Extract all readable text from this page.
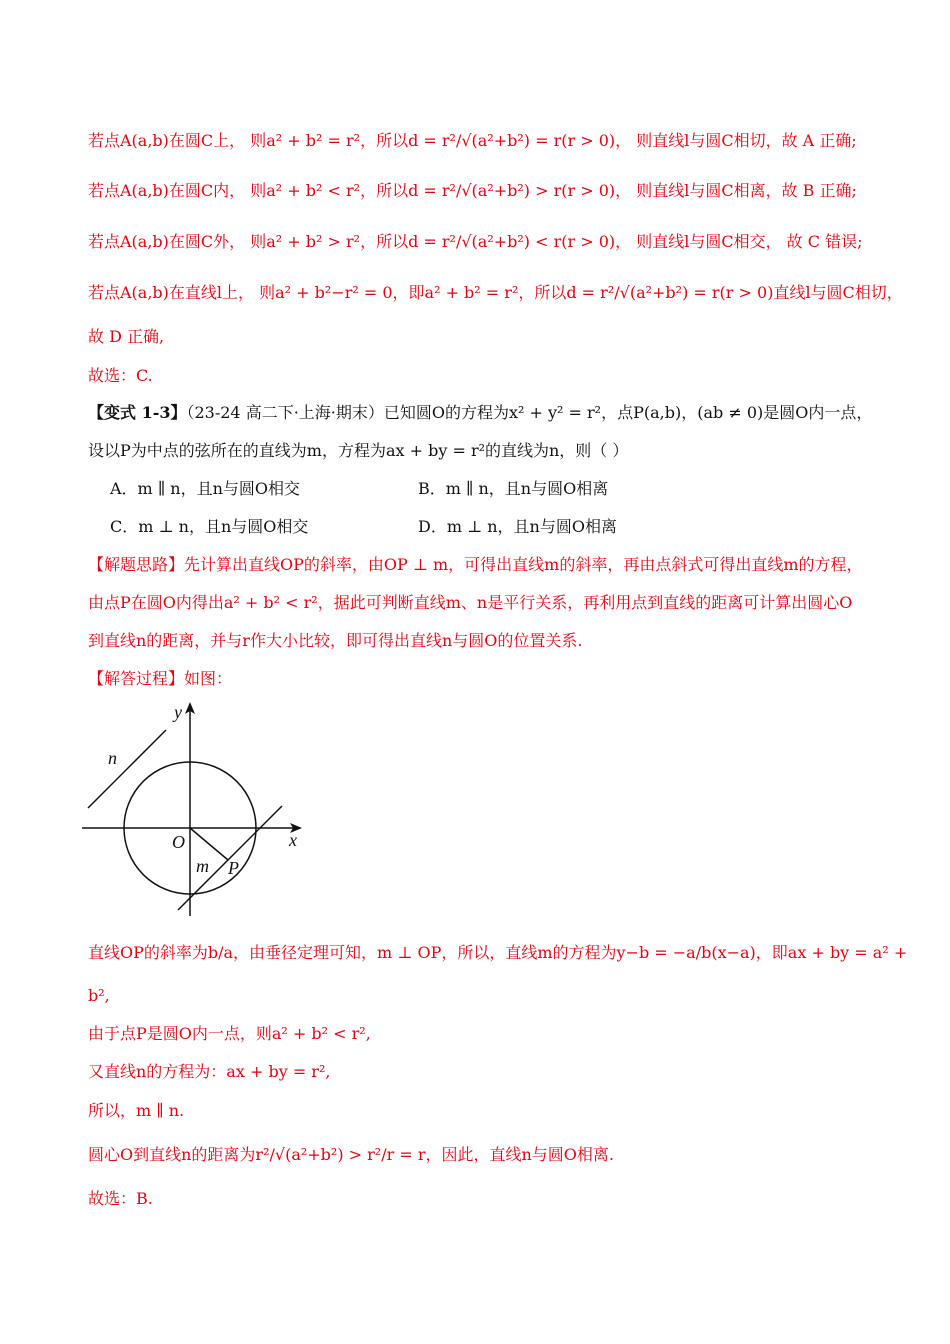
若点A(a,b)在圆C上， 则a² + b² = r²，所以d = r²/√(a²+b²) = r(r > 0)， 则直线l与圆C相切，故 A 正确;
若点A(a,b)在圆C内， 则a² + b² < r²，所以d = r²/√(a²+b²) > r(r > 0)， 则直线l与圆C相离，故 B 正确;
若点A(a,b)在圆C外， 则a² + b² > r²，所以d = r²/√(a²+b²) < r(r > 0)， 则直线l与圆C相交， 故 C 错误;
若点A(a,b)在直线l上， 则a² + b²−r² = 0，即a² + b² = r²，所以d = r²/√(a²+b²) = r(r > 0)直线l与圆C相切，
故 D 正确,
故选：C.
【变式 1-3】（23-24 高二下·上海·期末）已知圆O的方程为x² + y² = r²，点P(a,b)，(ab ≠ 0)是圆O内一点，
设以P为中点的弦所在的直线为m，方程为ax + by = r²的直线为n，则（ ）
A．m ∥ n，且n与圆O相交	B．m ∥ n，且n与圆O相离
C．m ⊥ n，且n与圆O相交	D．m ⊥ n，且n与圆O相离
【解题思路】先计算出直线OP的斜率，由OP ⊥ m，可得出直线m的斜率，再由点斜式可得出直线m的方程，
由点P在圆O内得出a² + b² < r²，据此可判断直线m、n是平行关系，再利用点到直线的距离可计算出圆心O
到直线n的距离，并与r作大小比较，即可得出直线n与圆O的位置关系.
【解答过程】如图：
y
x
n
O
m P
直线OP的斜率为b/a，由垂径定理可知，m ⊥ OP，所以，直线m的方程为y−b = −a/b(x−a)，即ax + by = a² +
b²,
由于点P是圆O内一点，则a² + b² < r²,
又直线n的方程为：ax + by = r²,
所以，m ∥ n.
圆心O到直线n的距离为r²/√(a²+b²) > r²/r = r，因此，直线n与圆O相离.
故选：B.
